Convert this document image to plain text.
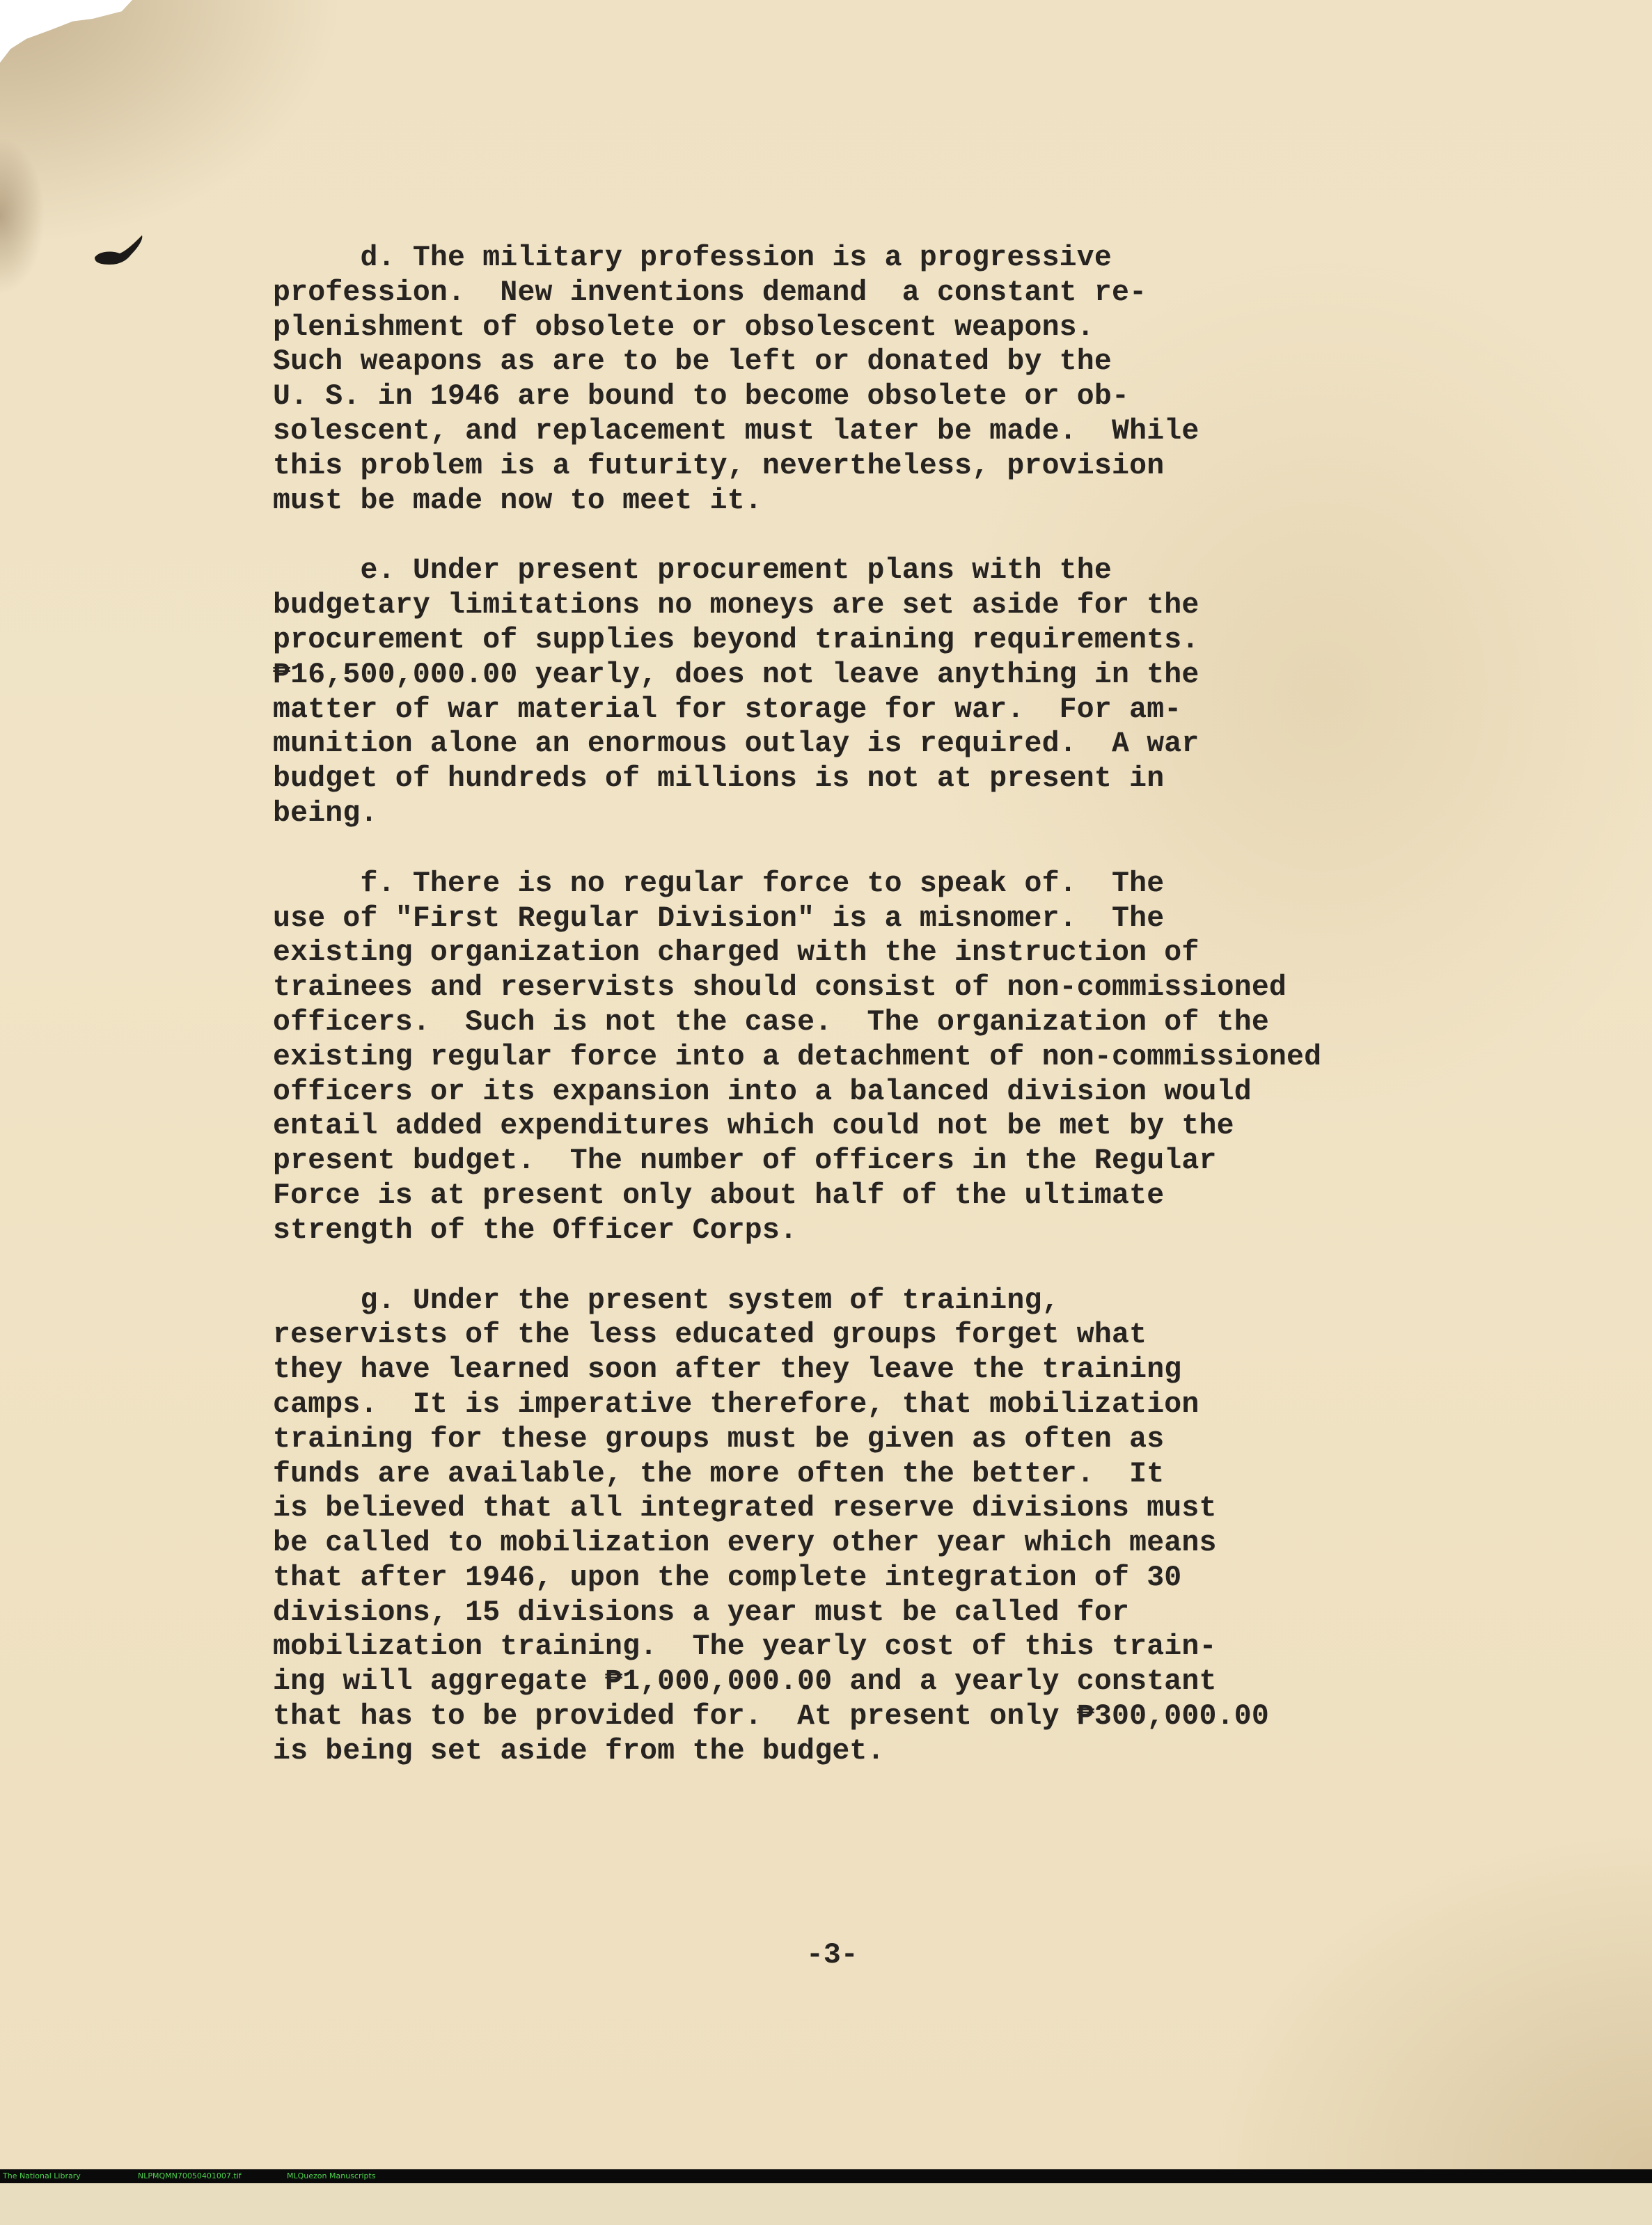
d. The military profession is a progressive
profession.  New inventions demand  a constant re-
plenishment of obsolete or obsolescent weapons.
Such weapons as are to be left or donated by the
U. S. in 1946 are bound to become obsolete or ob-
solescent, and replacement must later be made.  While
this problem is a futurity, nevertheless, provision
must be made now to meet it.
e. Under present procurement plans with the
budgetary limitations no moneys are set aside for the
procurement of supplies beyond training requirements.
₱16,500,000.00 yearly, does not leave anything in the
matter of war material for storage for war.  For am-
munition alone an enormous outlay is required.  A war
budget of hundreds of millions is not at present in
being.
f. There is no regular force to speak of.  The
use of "First Regular Division" is a misnomer.  The
existing organization charged with the instruction of
trainees and reservists should consist of non-commissioned
officers.  Such is not the case.  The organization of the
existing regular force into a detachment of non-commissioned
officers or its expansion into a balanced division would
entail added expenditures which could not be met by the
present budget.  The number of officers in the Regular
Force is at present only about half of the ultimate
strength of the Officer Corps.
g. Under the present system of training,
reservists of the less educated groups forget what
they have learned soon after they leave the training
camps.  It is imperative therefore, that mobilization
training for these groups must be given as often as
funds are available, the more often the better.  It
is believed that all integrated reserve divisions must
be called to mobilization every other year which means
that after 1946, upon the complete integration of 30
divisions, 15 divisions a year must be called for
mobilization training.  The yearly cost of this train-
ing will aggregate ₱1,000,000.00 and a yearly constant
that has to be provided for.  At present only ₱300,000.00
is being set aside from the budget.
-3-

The National Library

	NLPMQMN70050401007.tif

	MLQuezon Manuscripts
